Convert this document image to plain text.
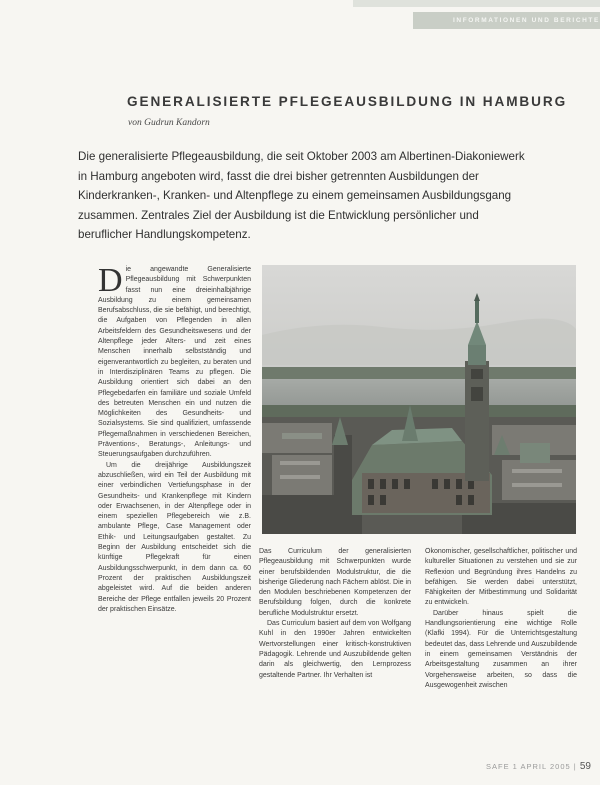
INFORMATIONEN UND BERICHTE
GENERALISIERTE PFLEGEAUSBILDUNG IN HAMBURG
von Gudrun Kandorn
Die generalisierte Pflegeausbildung, die seit Oktober 2003 am Albertinen-Diakoniewerk in Hamburg angeboten wird, fasst die drei bisher getrennten Ausbildungen der Kinderkranken-, Kranken- und Altenpflege zu einem gemeinsamen Ausbildungsgang zusammen. Zentrales Ziel der Ausbildung ist die Entwicklung persönlicher und beruflicher Handlungskompetenz.

Die angewandte Generalisierte Pflegeausbildung mit Schwerpunkten fasst nun eine dreieinhalbjährige Ausbildung zu einem gemeinsamen Berufsabschluss, die sie befähigt, und berechtigt, die Aufgaben von Pflegenden in allen Arbeitsfeldern des Gesundheitswesens und der Altenpflege jeder Alters- und zeit eines Menschen innerhalb selbstständig und eigenverantwortlich zu begleiten, zu beraten und in Interdisziplinären Teams zu pflegen. Die Ausbildung orientiert sich dabei an den Pflegebedarfen ein familiäre und soziale Umfeld des betreuten Menschen ein und nutzen die Möglichkeiten des Gesundheits- und Sozialsystems. Sie sind qualifiziert, umfassende Pflegemaßnahmen in verschiedenen Bereichen, Präventions-, Beratungs-, Anleitungs- und Steuerungsaufgaben durchzuführen.

Um die dreijährige Ausbildungszeit abzuschließen, wird ein Teil der Ausbildung mit einer verbindlichen Vertiefungsphase in der Gesundheits- und Krankenpflege mit Kindern oder Erwachsenen, in der Altenpflege oder in einem speziellen Pflegebereich wie z.B. ambulante Pflege, Case Management oder Ethik- und Leitungsaufgaben gestaltet. Zu Beginn der Ausbildung entscheidet sich die künftige Pflegekraft für einen Ausbildungsschwerpunkt, in dem dann ca. 60 Prozent der praktischen Ausbildungszeit abgeleistet wird. Auf die beiden anderen Bereiche der Pflege entfallen jeweils 20 Prozent der praktischen Einsätze.

Das Curriculum der generalisierten Pflegeausbildung mit Schwerpunkten wurde einer berufsbildenden Modulstruktur, die die bisherige Gliederung nach Fächern ablöst. Die in den Modulen beschriebenen Kompetenzen der Berufsbildung folgen, durch die konkrete berufliche Modulstruktur ersetzt.

Das Curriculum basiert auf dem von Wolfgang Kuhl in den 1990er Jahren entwickelten Wertvorstellungen einer kritisch-konstruktiven Pädagogik. Lehrende und Auszubildende gelten darin als gleichwertig, den Lernprozess gestaltende Partner. Ihr Verhalten ist

Ökonomischer, gesellschaftlicher, politischer und kultureller Situationen zu verstehen und sie zur Reflexion und Begründung ihres Handelns zu befähigen. Sie werden dabei unterstützt, Fähigkeiten der Mitbestimmung und Solidarität zu entwickeln.

Darüber hinaus spielt die Handlungsorientierung eine wichtige Rolle (Klafki 1994). Für die Unterrichtsgestaltung bedeutet das, dass Lehrende und Auszubildende in einem gemeinsamen Verständnis der Arbeitsgestaltung zusammen an ihrer Vorgehensweise arbeiten, so dass die Ausgewogenheit zwischen

SAFE 1 APRIL 2005 | 59
